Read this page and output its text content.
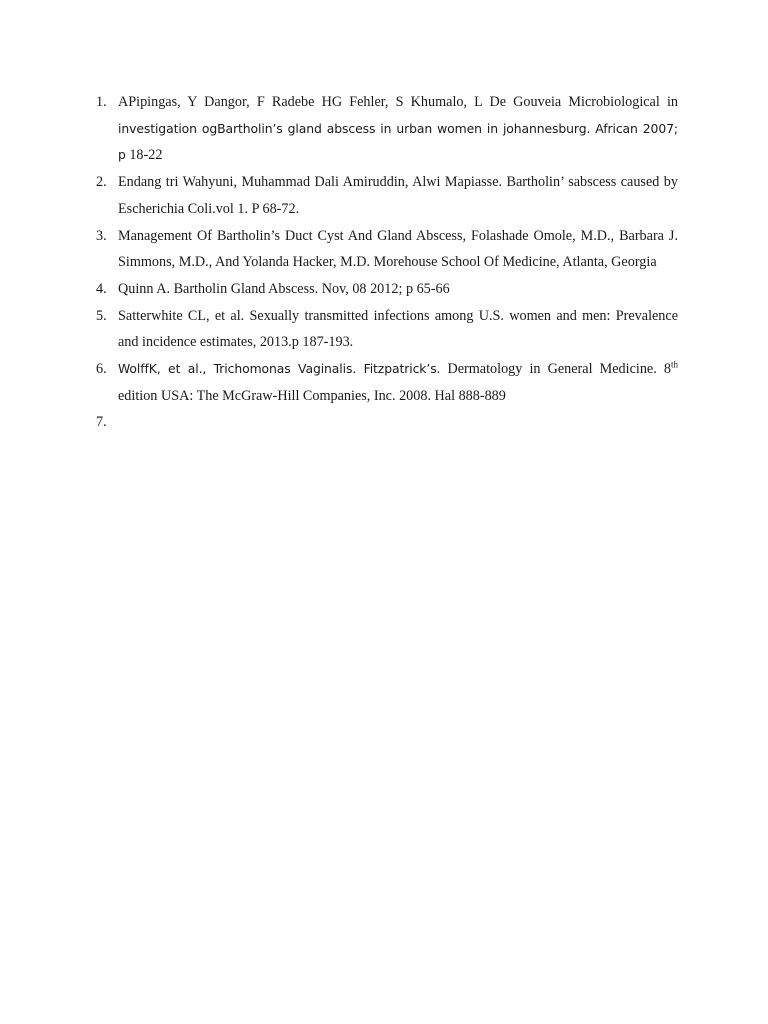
1. APipingas, Y Dangor, F Radebe HG Fehler, S Khumalo, L De Gouveia Microbiological in investigation ogBartholin’s gland abscess in urban women in johannesburg. African 2007; p 18-22
2. Endang tri Wahyuni, Muhammad Dali Amiruddin, Alwi Mapiasse. Bartholin’ sabscess caused by Escherichia Coli.vol 1. P 68-72.
3. Management Of Bartholin’s Duct Cyst And Gland Abscess, Folashade Omole, M.D., Barbara J. Simmons, M.D., And Yolanda Hacker, M.D. Morehouse School Of Medicine, Atlanta, Georgia
4. Quinn A. Bartholin Gland Abscess. Nov, 08 2012; p 65-66
5. Satterwhite CL, et al. Sexually transmitted infections among U.S. women and men: Prevalence and incidence estimates, 2013.p 187-193.
6. WolffK, et al., Trichomonas Vaginalis. Fitzpatrick’s. Dermatology in General Medicine. 8th edition USA: The McGraw-Hill Companies, Inc. 2008. Hal 888-889
7.
